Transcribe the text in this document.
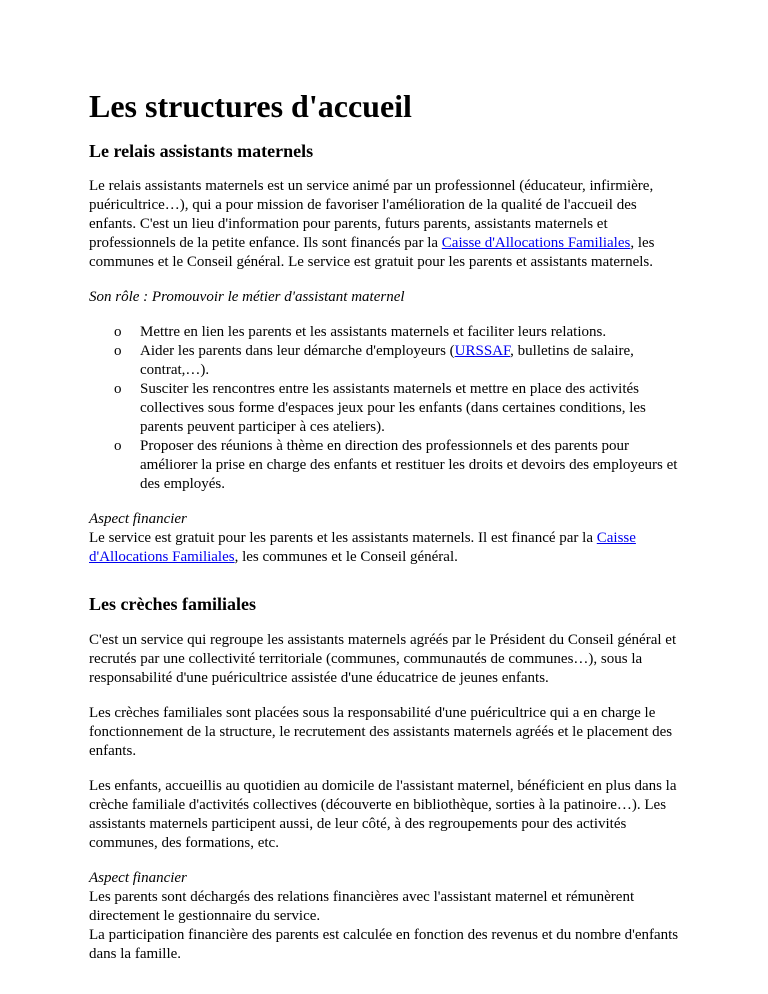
Les structures d'accueil
Le relais assistants maternels

Le relais assistants maternels est un service animé par un professionnel (éducateur, infirmière, puéricultrice…), qui a pour mission de favoriser l'amélioration de la qualité de l'accueil des enfants. C'est un lieu d'information pour parents, futurs parents, assistants maternels et professionnels de la petite enfance. Ils sont financés par la Caisse d'Allocations Familiales, les communes et le Conseil général. Le service est gratuit pour les parents et assistants maternels.

Son rôle : Promouvoir le métier d'assistant maternel

o Mettre en lien les parents et les assistants maternels et faciliter leurs relations.
o Aider les parents dans leur démarche d'employeurs (URSSAF, bulletins de salaire, contrat,…).
o Susciter les rencontres entre les assistants maternels et mettre en place des activités collectives sous forme d'espaces jeux pour les enfants (dans certaines conditions, les parents peuvent participer à ces ateliers).
o Proposer des réunions à thème en direction des professionnels et des parents pour améliorer la prise en charge des enfants et restituer les droits et devoirs des employeurs et des employés.

Aspect financier
Le service est gratuit pour les parents et les assistants maternels. Il est financé par la Caisse d'Allocations Familiales, les communes et le Conseil général.

Les crèches familiales

C'est un service qui regroupe les assistants maternels agréés par le Président du Conseil général et recrutés par une collectivité territoriale (communes, communautés de communes…), sous la responsabilité d'une puéricultrice assistée d'une éducatrice de jeunes enfants.

Les crèches familiales sont placées sous la responsabilité d'une puéricultrice qui a en charge le fonctionnement de la structure, le recrutement des assistants maternels agréés et le placement des enfants.

Les enfants, accueillis au quotidien au domicile de l'assistant maternel, bénéficient en plus dans la crèche familiale d'activités collectives (découverte en bibliothèque, sorties à la patinoire…). Les assistants maternels participent aussi, de leur côté, à des regroupements pour des activités communes, des formations, etc.

Aspect financier
Les parents sont déchargés des relations financières avec l'assistant maternel et rémunèrent directement le gestionnaire du service.
La participation financière des parents est calculée en fonction des revenus et du nombre d'enfants dans la famille.
